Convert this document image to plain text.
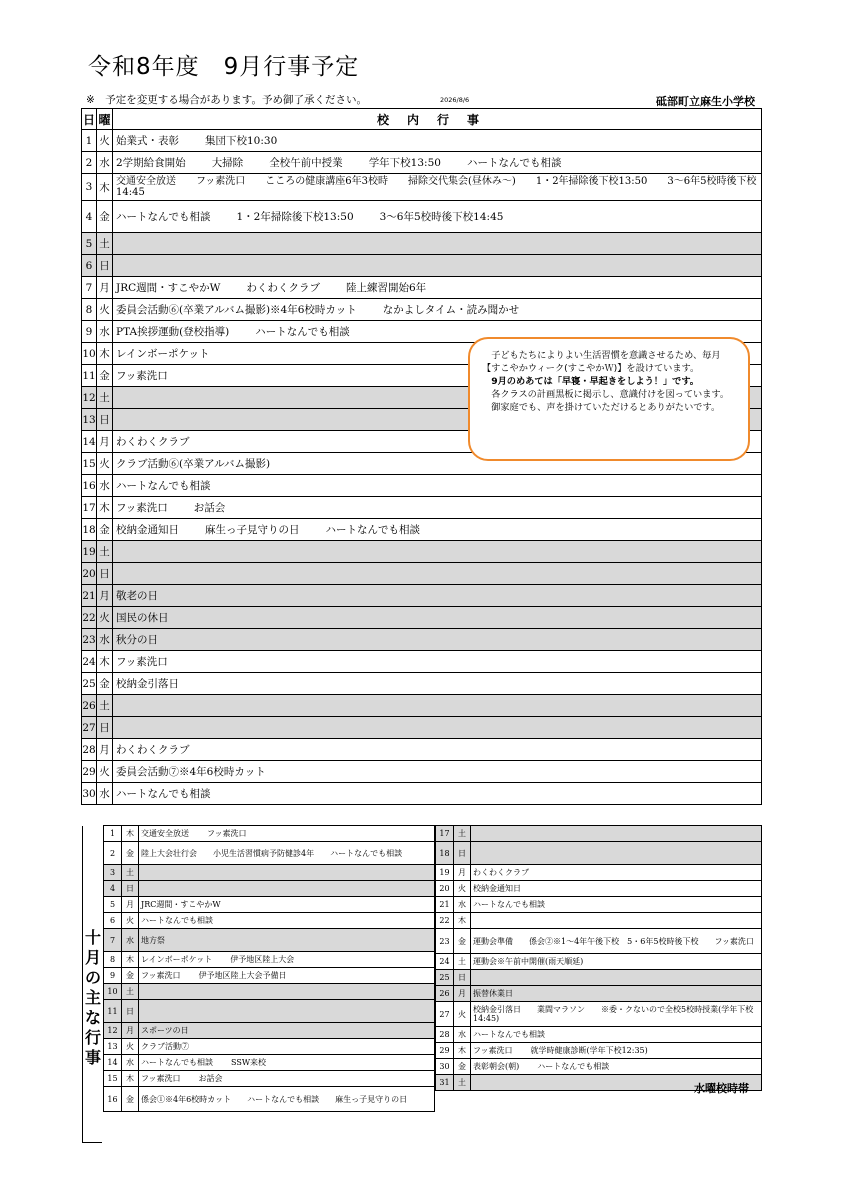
令和8年度　9月行事予定
※　予定を変更する場合があります。予め御了承ください。	2026/8/6	砥部町立麻生小学校
日	曜	校内行事
1	火	始業式・表彰 集団下校10:30
2	水	2学期給食開始 大掃除 全校午前中授業 学年下校13:50 ハートなんでも相談
3	木	交通安全放送　　フッ素洗口　　こころの健康講座6年3校時　　掃除交代集会(昼休み～)　　1・2年掃除後下校13:50　　3～6年5校時後下校14:45
4	金	ハートなんでも相談 1・2年掃除後下校13:50 3～6年5校時後下校14:45
5	土	
6	日	
7	月	JRC週間・すこやかW わくわくクラブ 陸上練習開始6年
8	火	委員会活動⑥(卒業アルバム撮影)※4年6校時カット なかよしタイム・読み聞かせ
9	水	PTA挨拶運動(登校指導) ハートなんでも相談
10	木	レインボーポケット
11	金	フッ素洗口
12	土	
13	日	
14	月	わくわくクラブ
15	火	クラブ活動⑥(卒業アルバム撮影)
16	水	ハートなんでも相談
17	木	フッ素洗口 お話会
18	金	校納金通知日 麻生っ子見守りの日 ハートなんでも相談
19	土	
20	日	
21	月	敬老の日
22	火	国民の休日
23	水	秋分の日
24	木	フッ素洗口
25	金	校納金引落日
26	土	
27	日	
28	月	わくわくクラブ
29	火	委員会活動⑦※4年6校時カット
30	水	ハートなんでも相談

子どもたちによりよい生活習慣を意識させるため、毎月【すこやかウィーク(すこやかＷ)】を設けています。

9月のめあては「早寝・早起きをしよう！」です。

各クラスの計画黒板に掲示し、意識付けを図っています。

御家庭でも、声を掛けていただけるとありがたいです。

十
月
の
主
な
行
事
1	木	交通安全放送 フッ素洗口
2	金	陸上大会壮行会　　小児生活習慣病予防健診4年　　ハートなんでも相談
3	土	
4	日	
5	月	JRC週間・すこやかW
6	火	ハートなんでも相談
7	水	地方祭
8	木	レインボーポケット 伊予地区陸上大会
9	金	フッ素洗口 伊予地区陸上大会予備日
10	土	
11	日	
12	月	スポーツの日
13	火	クラブ活動⑦
14	水	ハートなんでも相談 SSW来校
15	木	フッ素洗口 お話会
16	金	係会①※4年6校時カット　　ハートなんでも相談　　麻生っ子見守りの日
17	土	
18	日	
19	月	わくわくクラブ
20	火	校納金通知日
21	水	ハートなんでも相談
22	木	
23	金	運動会準備　　係会②※1～4年午後下校　5・6年5校時後下校　　フッ素洗口
24	土	運動会※午前中開催(雨天順延)
25	日	
26	月	振替休業日
27	火	校納金引落日　　業間マラソン　　※委・クないので全校5校時授業(学年下校14:45)
28	水	ハートなんでも相談
29	木	フッ素洗口 就学時健康診断(学年下校12:35)
30	金	表彰朝会(朝) ハートなんでも相談
31	土		水曜校時帯
